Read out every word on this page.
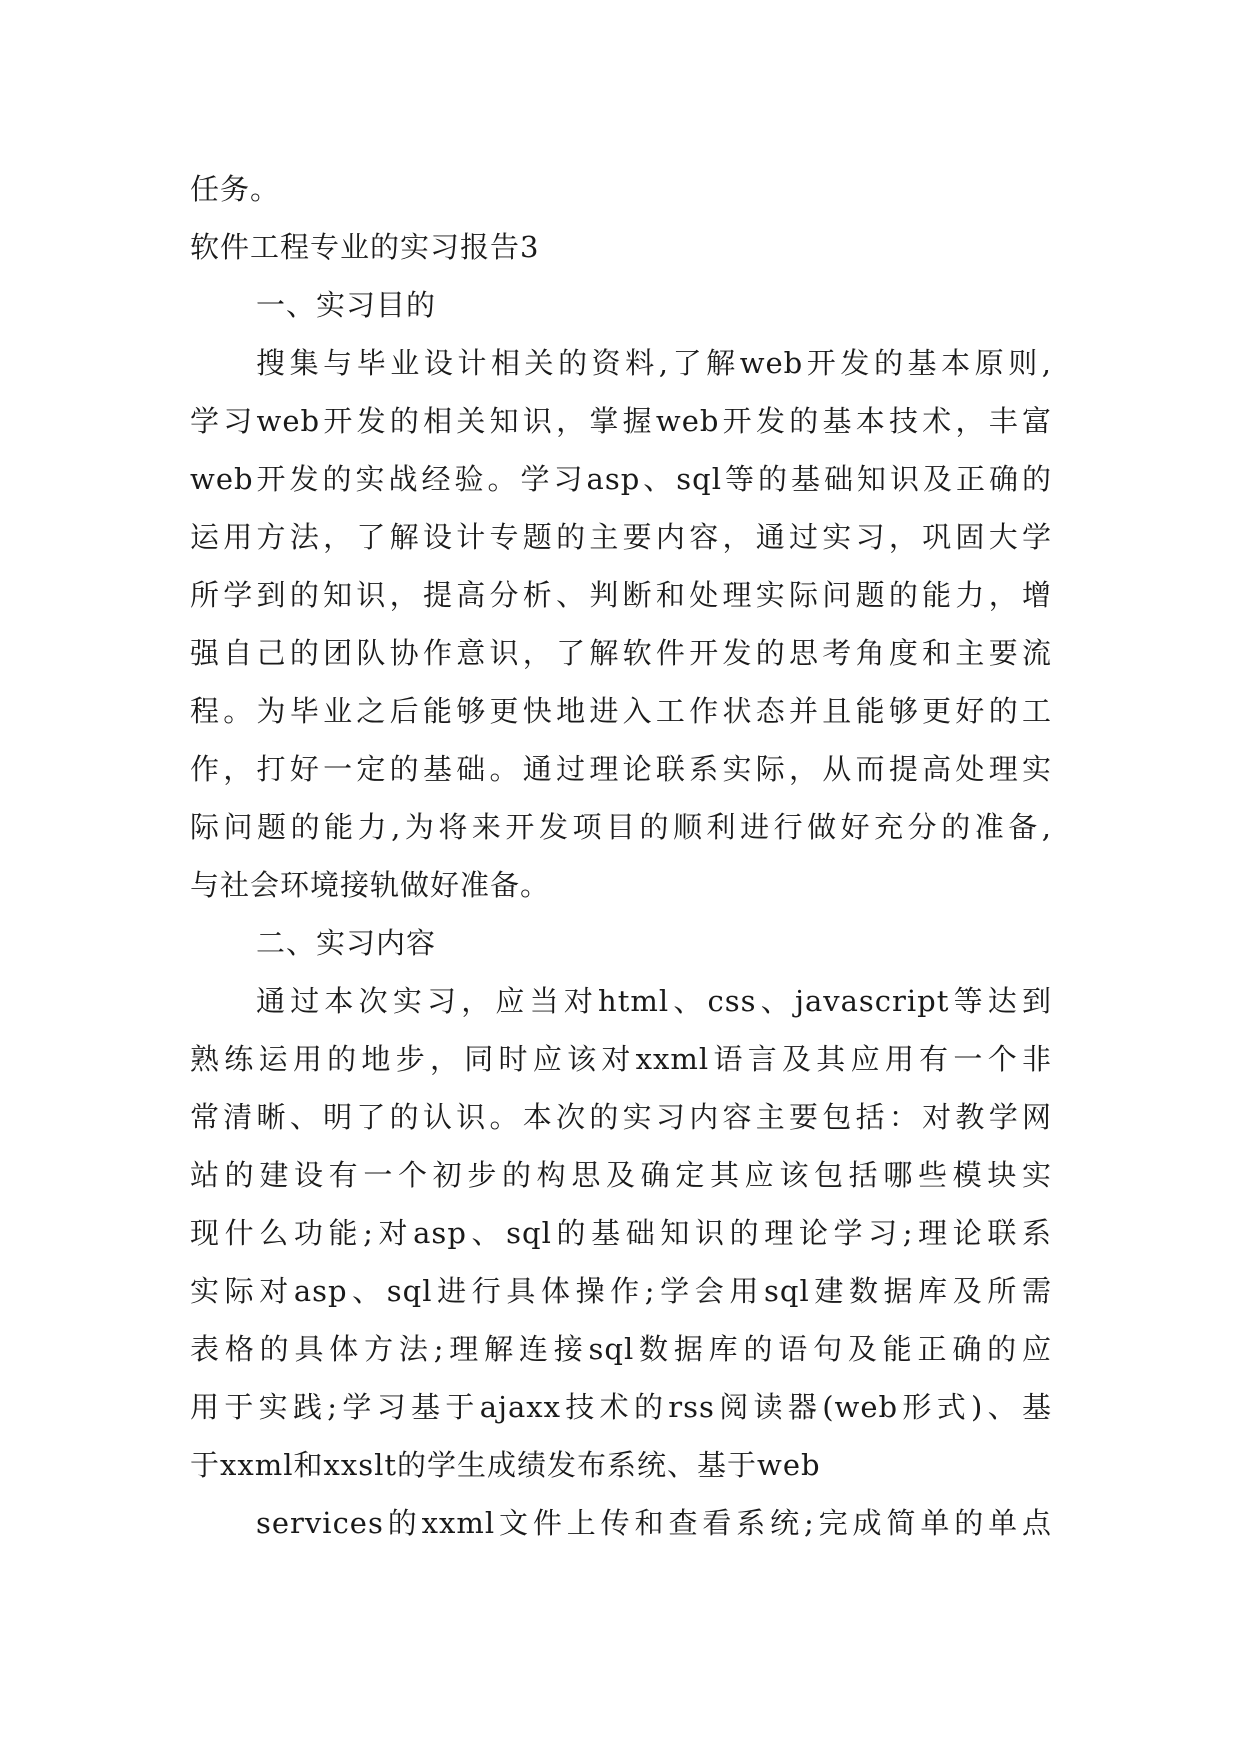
任务。
软件工程专业的实习报告3
一、实习目的
搜集与毕业设计相关的资料,了解web开发的基本原则,
学习web开发的相关知识，掌握web开发的基本技术，丰富
web开发的实战经验。学习asp、sql等的基础知识及正确的
运用方法，了解设计专题的主要内容，通过实习，巩固大学
所学到的知识，提高分析、判断和处理实际问题的能力，增
强自己的团队协作意识，了解软件开发的思考角度和主要流
程。为毕业之后能够更快地进入工作状态并且能够更好的工
作，打好一定的基础。通过理论联系实际，从而提高处理实
际问题的能力,为将来开发项目的顺利进行做好充分的准备,
与社会环境接轨做好准备。
二、实习内容
通过本次实习，应当对html、css、javascript等达到
熟练运用的地步，同时应该对xxml语言及其应用有一个非
常清晰、明了的认识。本次的实习内容主要包括：对教学网
站的建设有一个初步的构思及确定其应该包括哪些模块实
现什么功能;对asp、sql的基础知识的理论学习;理论联系
实际对asp、sql进行具体操作;学会用sql建数据库及所需
表格的具体方法;理解连接sql数据库的语句及能正确的应
用于实践;学习基于ajaxx技术的rss阅读器(web形式)、基
于xxml和xxslt的学生成绩发布系统、基于web
services的xxml文件上传和查看系统;完成简单的单点
